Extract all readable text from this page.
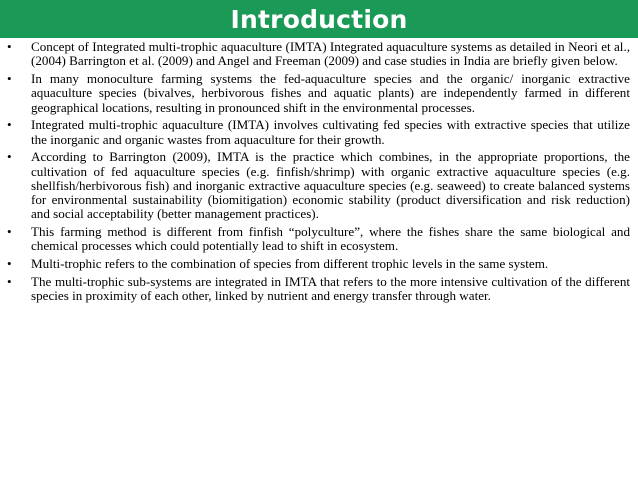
Introduction
• Concept of Integrated multi-trophic aquaculture (IMTA) Integrated aquaculture systems as detailed in Neori et al., (2004) Barrington et al. (2009) and Angel and Freeman (2009) and case studies in India are briefly given below.
• In many monoculture farming systems the fed-aquaculture species and the organic/ inorganic extractive aquaculture species (bivalves, herbivorous fishes and aquatic plants) are independently farmed in different geographical locations, resulting in pronounced shift in the environmental processes.
• Integrated multi-trophic aquaculture (IMTA) involves cultivating fed species with extractive species that utilize the inorganic and organic wastes from aquaculture for their growth.
• According to Barrington (2009), IMTA is the practice which combines, in the appropriate proportions, the cultivation of fed aquaculture species (e.g. finfish/shrimp) with organic extractive aquaculture species (e.g. shellfish/herbivorous fish) and inorganic extractive aquaculture species (e.g. seaweed) to create balanced systems for environmental sustainability (biomitigation) economic stability (product diversification and risk reduction) and social acceptability (better management practices).
• This farming method is different from finfish “polyculture”, where the fishes share the same biological and chemical processes which could potentially lead to shift in ecosystem.
• Multi-trophic refers to the combination of species from different trophic levels in the same system.
• The multi-trophic sub-systems are integrated in IMTA that refers to the more intensive cultivation of the different species in proximity of each other, linked by nutrient and energy transfer through water.
